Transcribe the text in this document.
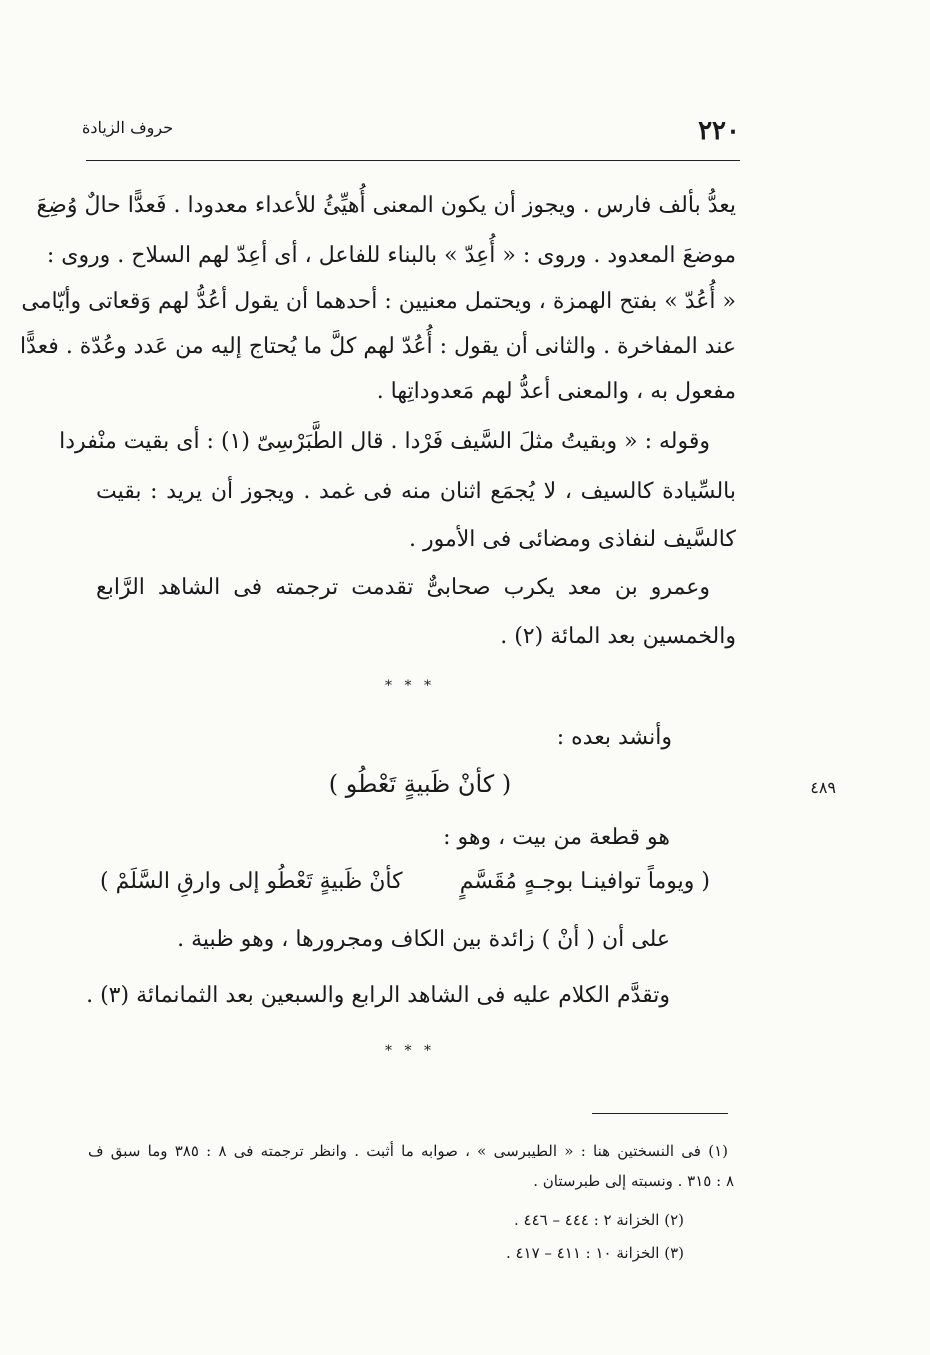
٢٢٠
حروف الزيادة
يعدُّ بألف فارس . ويجوز أن يكون المعنى أُهيِّئُ للأعداء معدودا . فَعدًّا حالٌ وُضِعَ
موضعَ المعدود . وروى : « أُعِدّ » بالبناء للفاعل ، أى أعِدّ لهم السلاح . وروى :
« أُعُدّ » بفتح الهمزة ، ويحتمل معنيين : أحدهما أن يقول أعُدُّ لهم وَقعاتى وأيّامى
عند المفاخرة . والثانى أن يقول : أُعُدّ لهم كلَّ ما يُحتاج إليه من عَدد وعُدّة . فعدًّا
مفعول به ، والمعنى أعدُّ لهم مَعدوداتِها .
وقوله : « وبقيتُ مثلَ السَّيف فَرْدا . قال الطَّبَرْسِىّ (١) : أى بقيت منْفردا
بالسِّيادة كالسيف ، لا يُجمَع اثنان منه فى غمد . ويجوز أن يريد : بقيت
كالسَّيف لنفاذى ومضائى فى الأمور .
وعمرو بن معد يكرب صحابىٌّ تقدمت ترجمته فى الشاهد الرَّابع
والخمسين بعد المائة (٢) .
* * *
وأنشد بعده :
( كأنْ ظَبيةٍ تَعْطُو )	٤٨٩
هو قطعة من بيت ، وهو :
( ويوماً توافينـا بوجـهٍ مُقَسَّمٍ
كأنْ ظَبيةٍ تَعْطُو إلى وارقِ السَّلَمْ )
على أن ( أنْ ) زائدة بين الكاف ومجرورها ، وهو ظبية .
وتقدَّم الكلام عليه فى الشاهد الرابع والسبعين بعد الثمانمائة (٣) .
* * *
(١) فى النسختين هنا : « الطيبرسى » ، صوابه ما أثبت . وانظر ترجمته فى ٨ : ٣٨٥ وما سبق ف
٨ : ٣١٥ . ونسبته إلى طبرستان .
(٢) الخزانة ٢ : ٤٤٤ – ٤٤٦ .
(٣) الخزانة ١٠ : ٤١١ – ٤١٧ .
